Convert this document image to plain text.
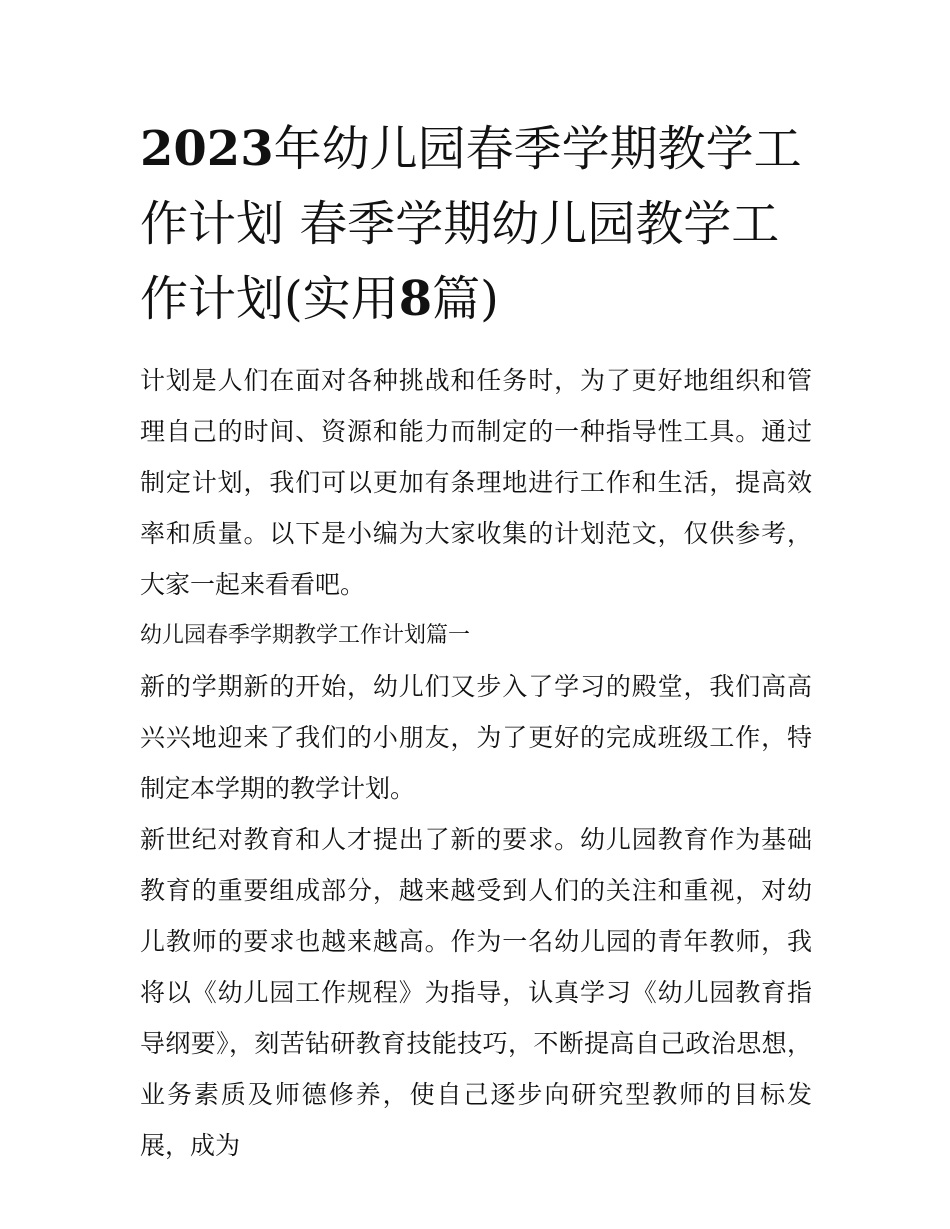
2023年幼儿园春季学期教学工作计划 春季学期幼儿园教学工作计划(实用8篇)

计划是人们在面对各种挑战和任务时，为了更好地组织和管理自己的时间、资源和能力而制定的一种指导性工具。通过制定计划，我们可以更加有条理地进行工作和生活，提高效率和质量。以下是小编为大家收集的计划范文，仅供参考，大家一起来看看吧。

幼儿园春季学期教学工作计划篇一

新的学期新的开始，幼儿们又步入了学习的殿堂，我们高高兴兴地迎来了我们的小朋友，为了更好的完成班级工作，特制定本学期的教学计划。

新世纪对教育和人才提出了新的要求。幼儿园教育作为基础教育的重要组成部分，越来越受到人们的关注和重视，对幼儿教师的要求也越来越高。作为一名幼儿园的青年教师，我将以《幼儿园工作规程》为指导，认真学习《幼儿园教育指导纲要》，刻苦钻研教育技能技巧，不断提高自己政治思想，业务素质及师德修养，使自己逐步向研究型教师的目标发展，成为
